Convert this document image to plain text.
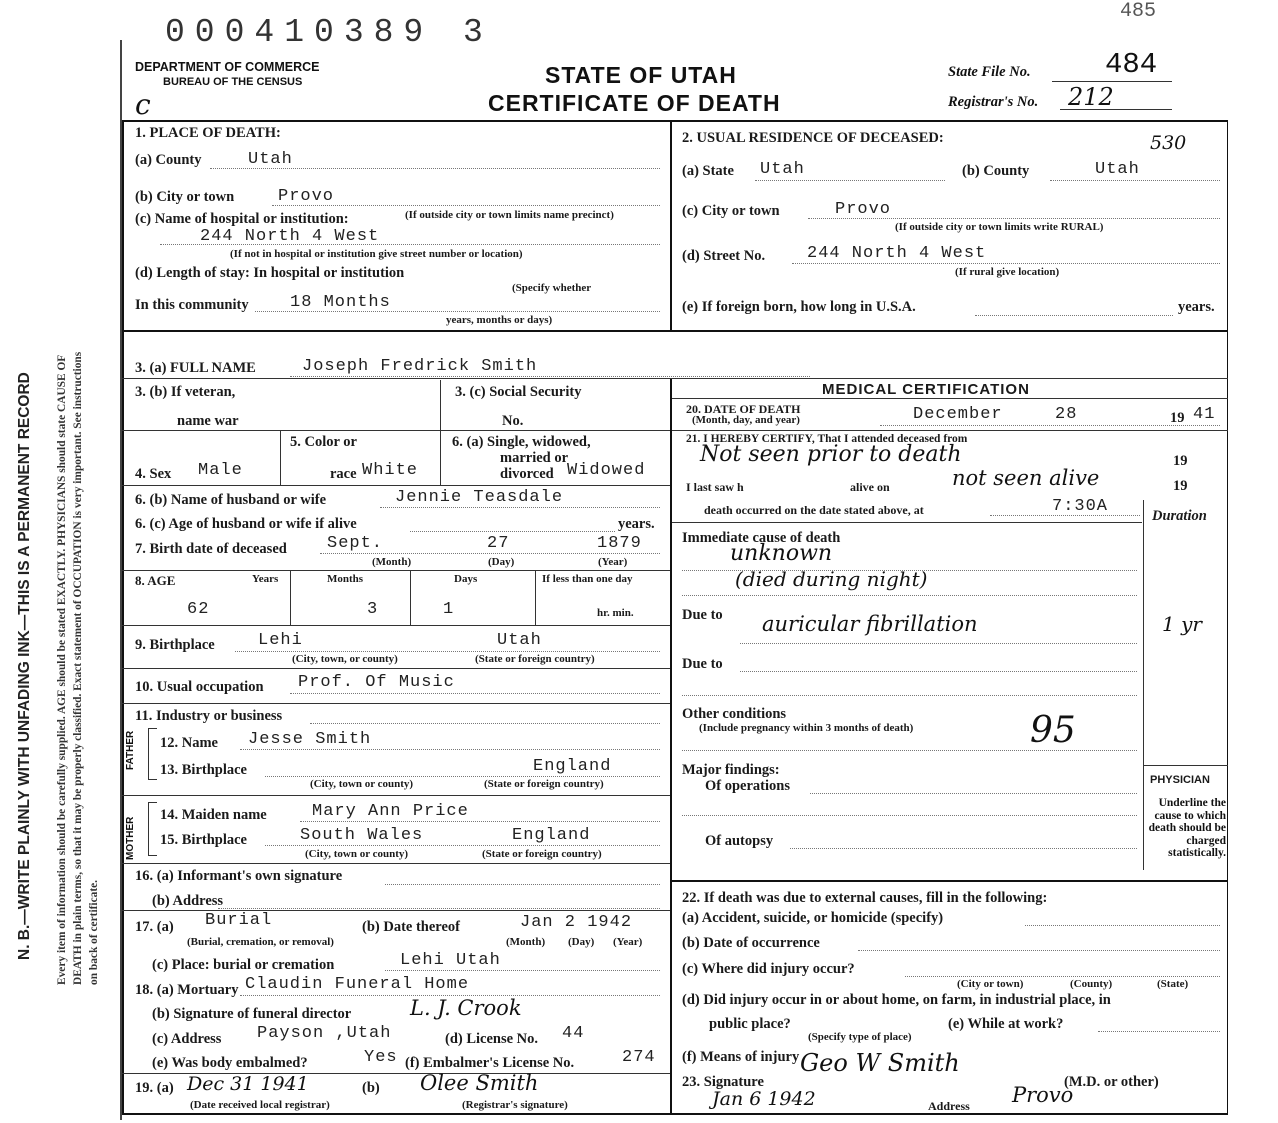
485
000410389 3
N. B.—WRITE PLAINLY WITH UNFADING INK—THIS IS A PERMANENT RECORD Every item of information should be carefully supplied. AGE should be stated EXACTLY. PHYSICIANS should state CAUSE OF DEATH in plain terms, so that it may be properly classified. Exact statement of OCCUPATION is very important. See instructions on back of certificate.
DEPARTMENT OF COMMERCE
BUREAU OF THE CENSUS
c
STATE OF UTAH
CERTIFICATE OF DEATH
State File No.	484
Registrar's No. 212
530
1. PLACE OF DEATH:
(a) County	Utah
(b) City or town	Provo
(c) Name of hospital or institution:	(If outside city or town limits name precinct)
244 North 4 West
(If not in hospital or institution give street number or location)
(d) Length of stay: In hospital or institution
(Specify whether
In this community 18 Months
years, months or days)
2. USUAL RESIDENCE OF DECEASED:
(a) State Utah	(b) County	Utah
(c) City or town	Provo
(If outside city or town limits write RURAL)
(d) Street No. 244 North 4 West
(If rural give location)
(e) If foreign born, how long in U.S.A.	years.
3. (a) FULL NAME	Joseph Fredrick Smith
3. (b) If veteran,
name war
3. (c) Social Security
No.
4. Sex Male
5. Color or
race White
6. (a) Single, widowed,
married or
divorced Widowed
6. (b) Name of husband or wife	Jennie Teasdale
6. (c) Age of husband or wife if alive	years.
7. Birth date of deceased Sept.	27	1879
(Month)	(Day)	(Year)
8. AGE	Years	Months	Days	If less than one day
62	3	1	hr. min.
9. Birthplace	Lehi	Utah
(City, town, or county)	(State or foreign country)
10. Usual occupation Prof. Of Music
11. Industry or business
FATHER 12. Name Jesse Smith
13. Birthplace	England
(City, town or county)	(State or foreign country)
MOTHER
14. Maiden name	Mary Ann Price
15. Birthplace	South Wales	England
(City, town or county)	(State or foreign country)
16. (a) Informant's own signature
(b) Address
17. (a) Burial
(Burial, cremation, or removal)
(b) Date thereof	Jan 2 1942
(Month) (Day) (Year)
(c) Place: burial or cremation	Lehi Utah
18. (a) Mortuary Claudin Funeral Home
(b) Signature of funeral director	L. J. Crook
(c) Address Payson ,Utah	(d) License No. 44
(e) Was body embalmed?	Yes (f) Embalmer's License No.	274
19. (a) Dec 31 1941
(Date received local registrar)
(b) Olee Smith
(Registrar's signature)
MEDICAL CERTIFICATION
20. DATE OF DEATH
(Month, day, and year)	December	28	19 41
21. I HEREBY CERTIFY, That I attended deceased from
Not seen prior to death	19
I last saw h	alive on	not seen alive	19
death occurred on the date stated above, at	7:30A	Duration
Immediate cause of death
unknown
(died during night)
Due to auricular fibrillation	1 yr
Due to
Other conditions
(Include pregnancy within 3 months of death)	95
Major findings:
Of operations
Of autopsy
PHYSICIAN
Underline the cause to which death should be charged statistically.
22. If death was due to external causes, fill in the following:
(a) Accident, suicide, or homicide (specify)
(b) Date of occurrence
(c) Where did injury occur?
(City or town)	(County)	(State)
(d) Did injury occur in or about home, on farm, in industrial place, in
public place?
(Specify type of place)
(e) While at work?
(f) Means of injury
23. Signature
Geo W Smith
(M.D. or other)
Jan 6 1942	Address Provo
